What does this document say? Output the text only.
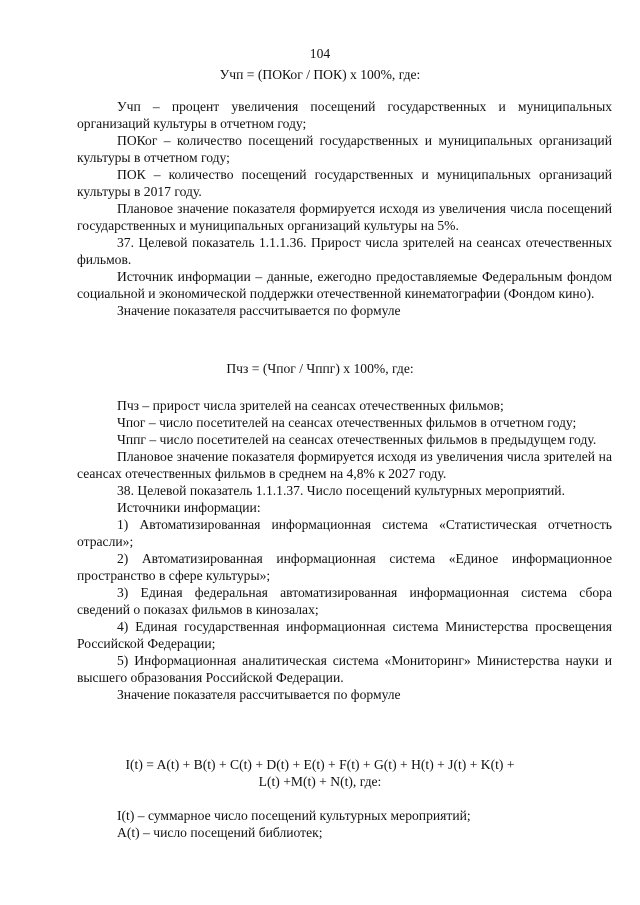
104
Учп = (ПОКог / ПОК) х 100%, где:

Учп – процент увеличения посещений государственных и муниципальных организаций культуры в отчетном году;

ПОКог – количество посещений государственных и муниципальных организаций культуры в отчетном году;

ПОК – количество посещений государственных и муниципальных организаций культуры в 2017 году.

Плановое значение показателя формируется исходя из увеличения числа посещений государственных и муниципальных организаций культуры на 5%.

37. Целевой показатель 1.1.1.36. Прирост числа зрителей на сеансах отечественных фильмов.

Источник информации – данные, ежегодно предоставляемые Федеральным фондом социальной и экономической поддержки отечественной кинематографии (Фондом кино).

Значение показателя рассчитывается по формуле

Пчз = (Чпог / Чппг) х 100%, где:

Пчз – прирост числа зрителей на сеансах отечественных фильмов;

Чпог – число посетителей на сеансах отечественных фильмов в отчетном году;

Чппг – число посетителей на сеансах отечественных фильмов в предыдущем году.

Плановое значение показателя формируется исходя из увеличения числа зрителей на сеансах отечественных фильмов в среднем на 4,8% к 2027 году.

38. Целевой показатель 1.1.1.37. Число посещений культурных мероприятий.

Источники информации:

1) Автоматизированная информационная система «Статистическая отчетность отрасли»;

2) Автоматизированная информационная система «Единое информационное пространство в сфере культуры»;

3) Единая федеральная автоматизированная информационная система сбора сведений о показах фильмов в кинозалах;

4) Единая государственная информационная система Министерства просвещения Российской Федерации;

5) Информационная аналитическая система «Мониторинг» Министерства науки и высшего образования Российской Федерации.

Значение показателя рассчитывается по формуле

I(t) = A(t) + B(t) + C(t) + D(t) + E(t) + F(t) + G(t) + H(t) + J(t) + K(t) +
L(t) +M(t) + N(t), где:

I(t) – суммарное число посещений культурных мероприятий;

A(t) – число посещений библиотек;
